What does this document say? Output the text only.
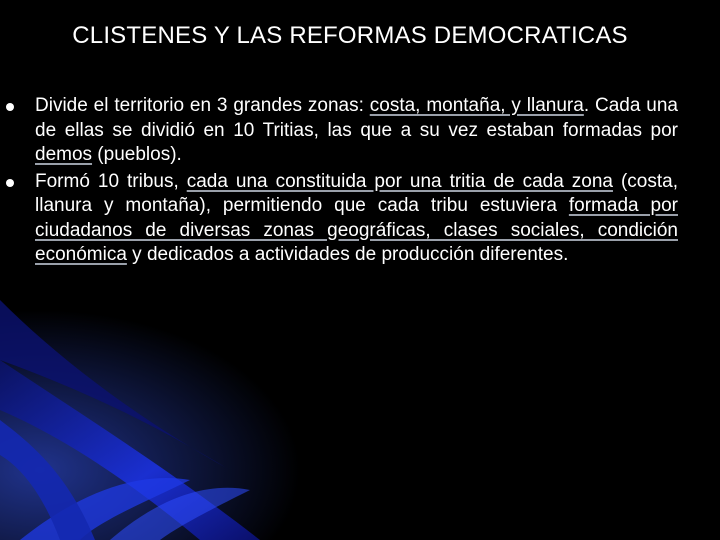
CLISTENES Y LAS REFORMAS DEMOCRATICAS
Divide el territorio en 3 grandes zonas: costa, montaña, y llanura. Cada una de ellas se dividió en 10 Tritias, las que a su vez estaban formadas por demos (pueblos).
Formó 10 tribus, cada una constituida por una tritia de cada zona (costa, llanura y montaña), permitiendo que cada tribu estuviera formada por ciudadanos de diversas zonas geográficas, clases sociales, condición económica y dedicados a actividades de producción diferentes.
